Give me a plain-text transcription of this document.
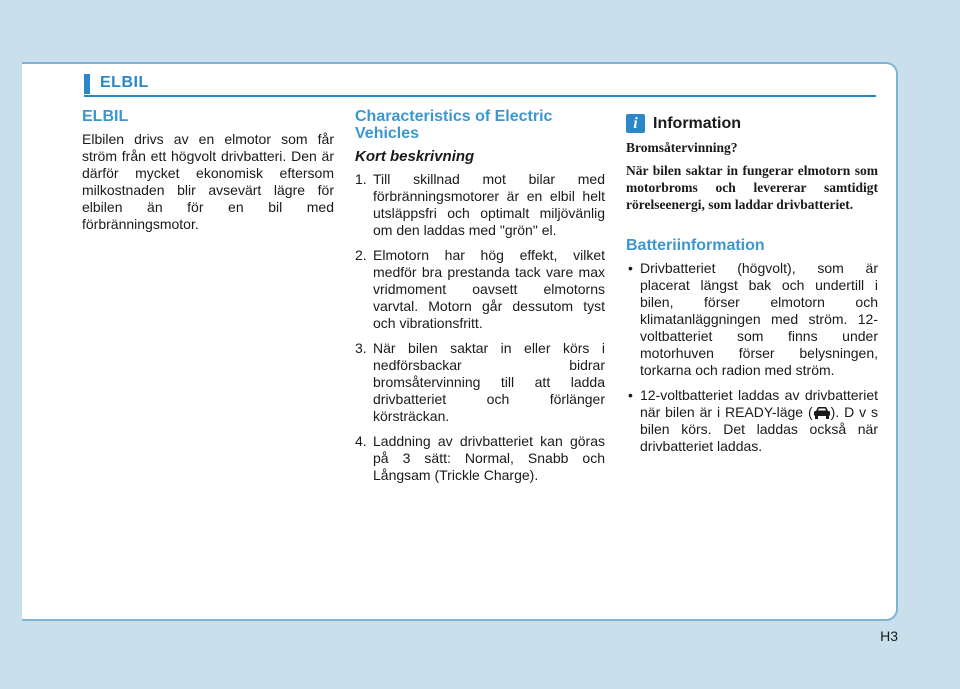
ELBIL
ELBIL

Elbilen drivs av en elmotor som får ström från ett högvolt drivbatteri. Den är därför mycket ekonomisk eftersom milkostnaden blir avsevärt lägre för elbilen än för en bil med förbränningsmotor.

Characteristics of Electric Vehicles
Kort beskrivning
1. Till skillnad mot bilar med förbränningsmotorer är en elbil helt utsläppsfri och optimalt miljövänlig om den laddas med "grön" el.
2. Elmotorn har hög effekt, vilket medför bra prestanda tack vare max vridmoment oavsett elmotorns varvtal. Motorn går dessutom tyst och vibrationsfritt.
3. När bilen saktar in eller körs i nedförsbackar bidrar bromsåtervinning till att ladda drivbatteriet och förlänger körsträckan.
4. Laddning av drivbatteriet kan göras på 3 sätt: Normal, Snabb och Långsam (Trickle Charge).
i Information
Bromsåtervinning?
När bilen saktar in fungerar elmotorn som motorbroms och levererar samtidigt rörelseenergi, som laddar drivbatteriet.
Batteriinformation
• Drivbatteriet (högvolt), som är placerat längst bak och undertill i bilen, förser elmotorn och klimatanläggningen med ström. 12-voltbatteriet som finns under motorhuven förser belysningen, torkarna och radion med ström.
• 12-voltbatteriet laddas av drivbatteriet när bilen är i READY-läge ( ). D v s bilen körs. Det laddas också när drivbatteriet laddas.
H3
